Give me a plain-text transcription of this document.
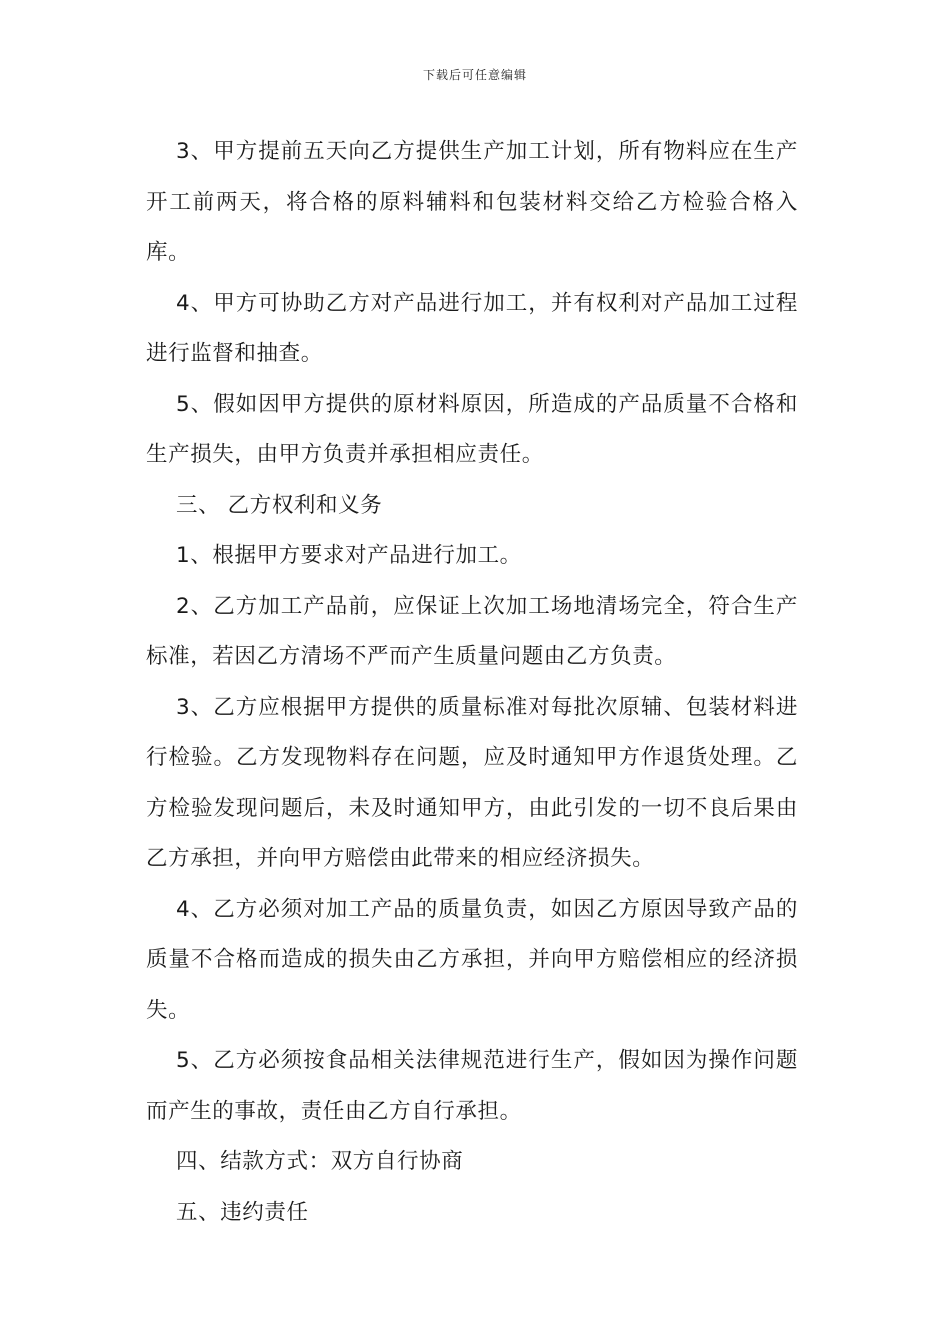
下载后可任意编辑

3、甲方提前五天向乙方提供生产加工计划，所有物料应在生产开工前两天，将合格的原料辅料和包装材料交给乙方检验合格入库。

4、甲方可协助乙方对产品进行加工，并有权利对产品加工过程进行监督和抽查。

5、假如因甲方提供的原材料原因，所造成的产品质量不合格和生产损失，由甲方负责并承担相应责任。

三、 乙方权利和义务

1、根据甲方要求对产品进行加工。

2、乙方加工产品前，应保证上次加工场地清场完全，符合生产标准，若因乙方清场不严而产生质量问题由乙方负责。

3、乙方应根据甲方提供的质量标准对每批次原辅、包装材料进行检验。乙方发现物料存在问题，应及时通知甲方作退货处理。乙方检验发现问题后，未及时通知甲方，由此引发的一切不良后果由乙方承担，并向甲方赔偿由此带来的相应经济损失。

4、乙方必须对加工产品的质量负责，如因乙方原因导致产品的质量不合格而造成的损失由乙方承担，并向甲方赔偿相应的经济损失。

5、乙方必须按食品相关法律规范进行生产，假如因为操作问题而产生的事故，责任由乙方自行承担。

四、结款方式：双方自行协商

五、违约责任
